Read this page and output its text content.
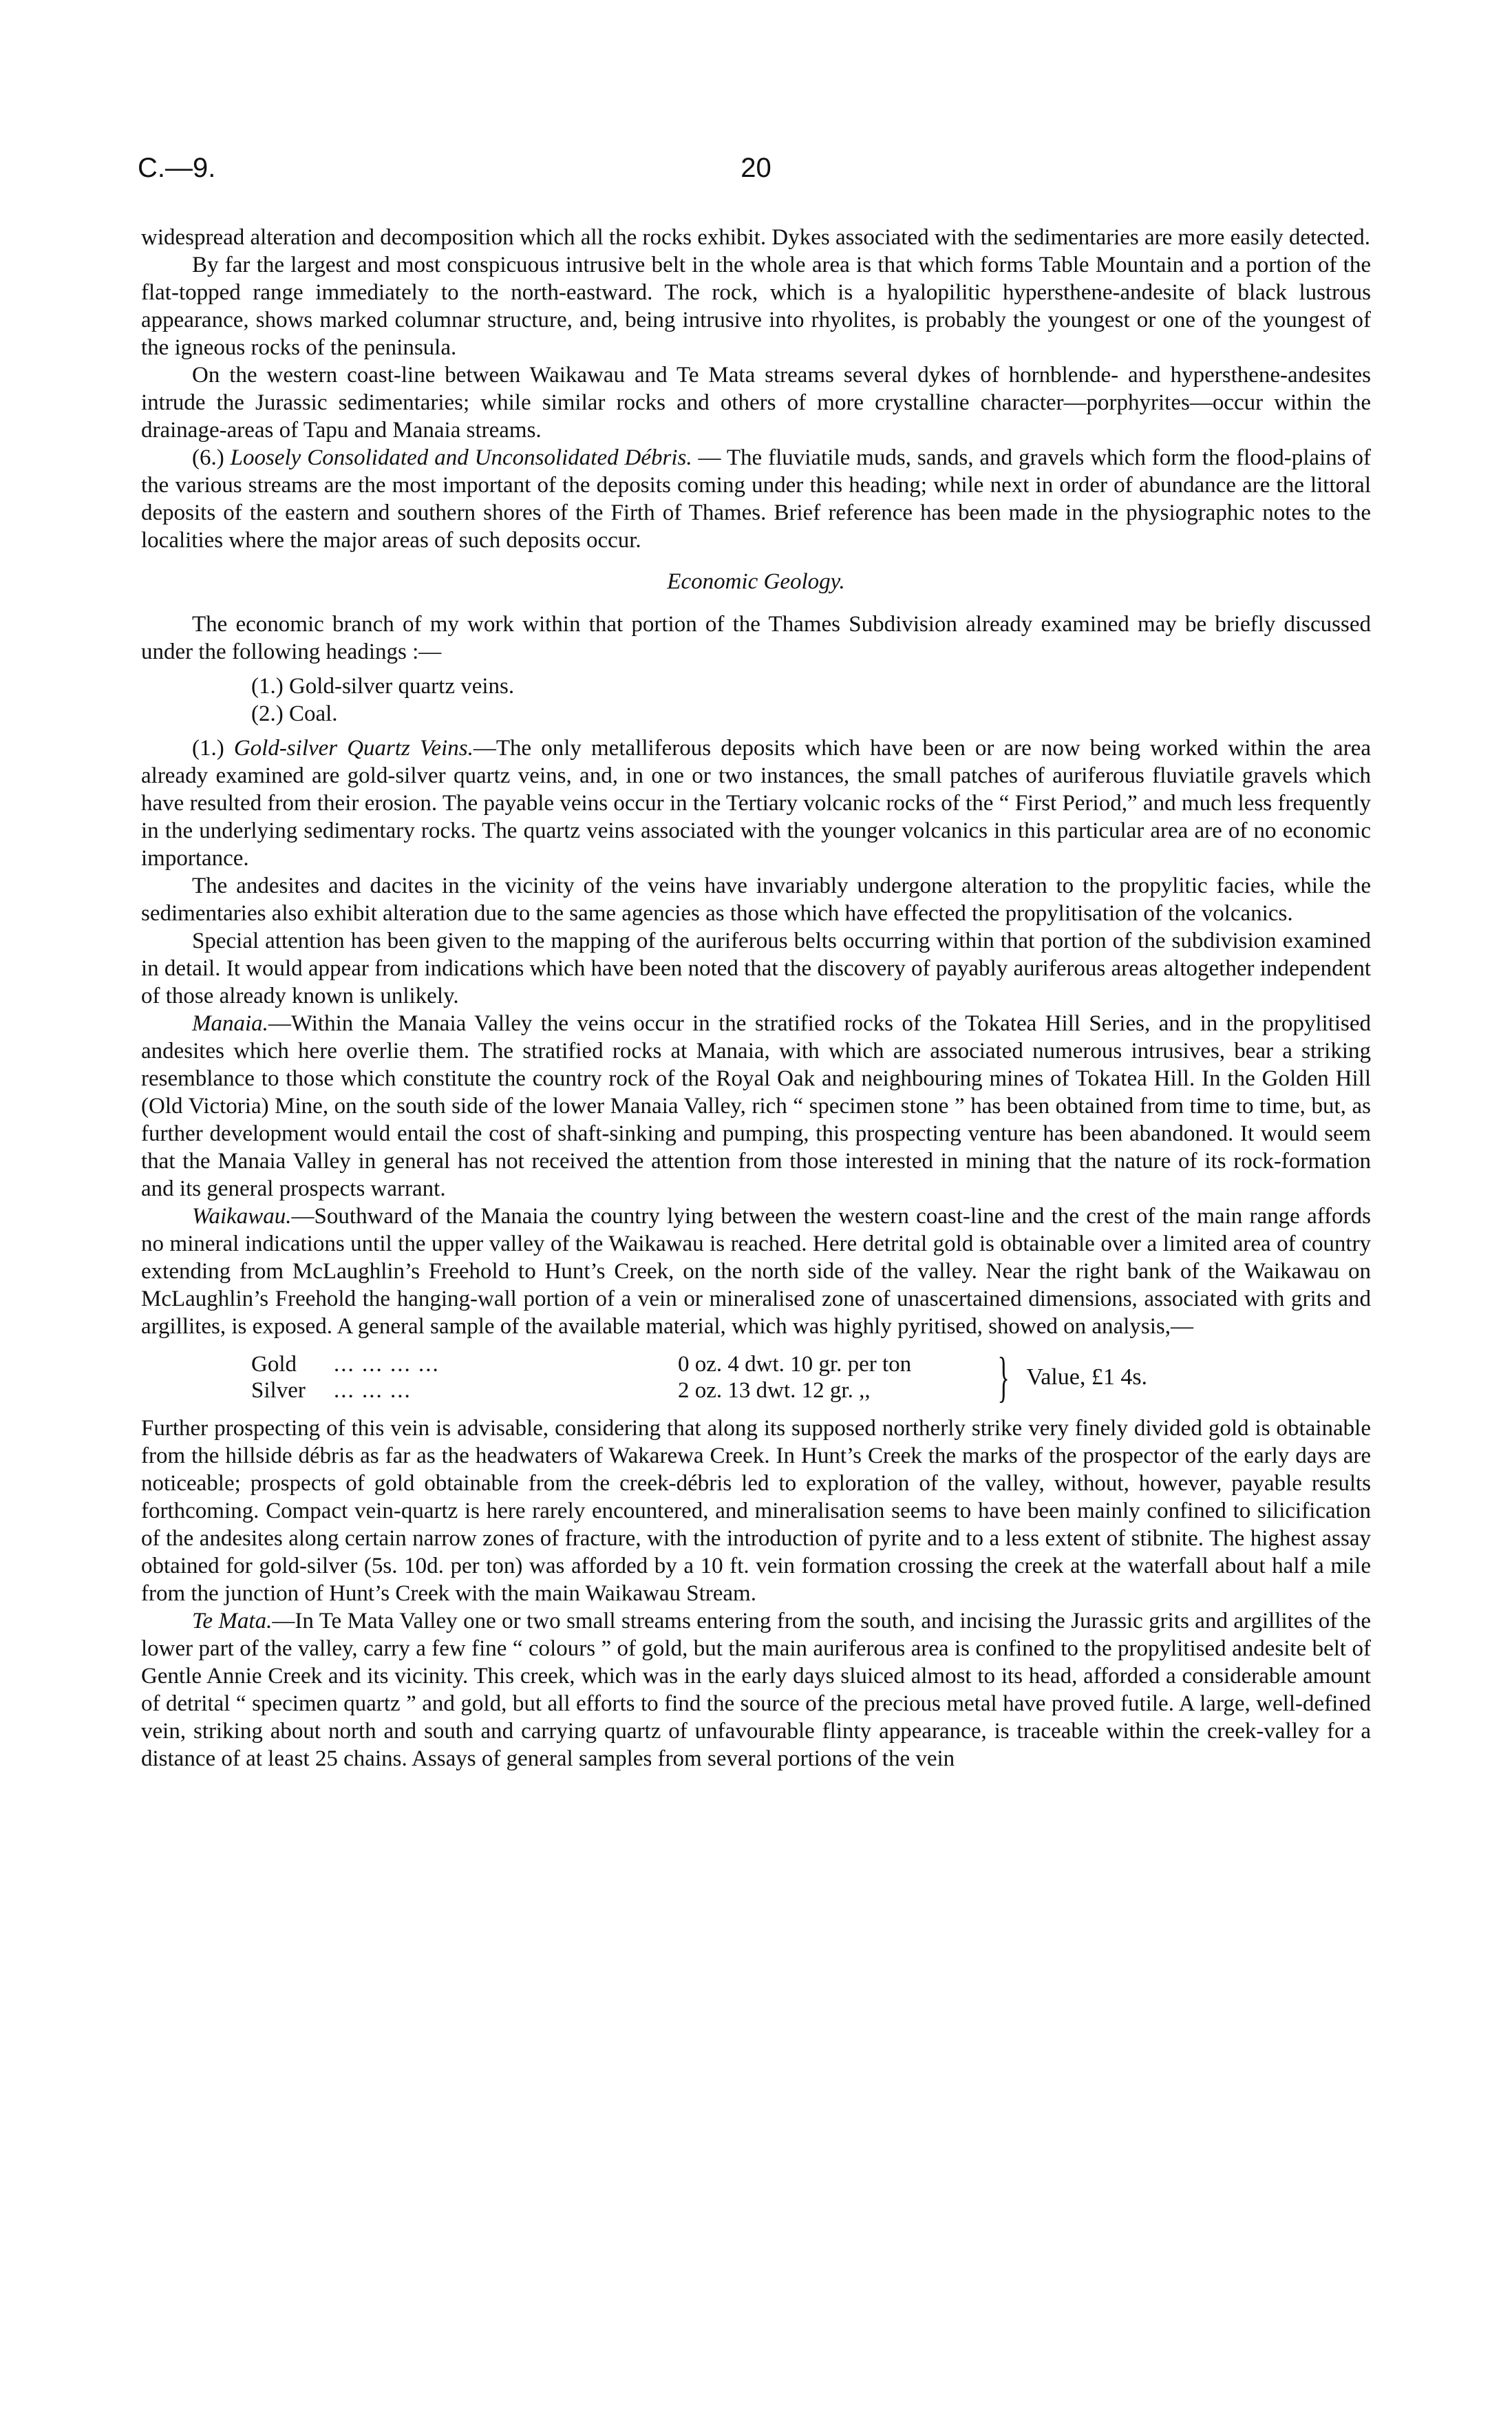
C.—9.	20

widespread alteration and decomposition which all the rocks exhibit. Dykes associated with the sedimentaries are more easily detected.

By far the largest and most conspicuous intrusive belt in the whole area is that which forms Table Mountain and a portion of the flat-topped range immediately to the north-eastward. The rock, which is a hyalopilitic hypersthene-andesite of black lustrous appearance, shows marked columnar structure, and, being intrusive into rhyolites, is probably the youngest or one of the youngest of the igneous rocks of the peninsula.

On the western coast-line between Waikawau and Te Mata streams several dykes of hornblende- and hypersthene-andesites intrude the Jurassic sedimentaries; while similar rocks and others of more crystalline character—porphyrites—occur within the drainage-areas of Tapu and Manaia streams.

(6.) Loosely Consolidated and Unconsolidated Débris. — The fluviatile muds, sands, and gravels which form the flood-plains of the various streams are the most important of the deposits coming under this heading; while next in order of abundance are the littoral deposits of the eastern and southern shores of the Firth of Thames. Brief reference has been made in the physiographic notes to the localities where the major areas of such deposits occur.

Economic Geology.

The economic branch of my work within that portion of the Thames Subdivision already examined may be briefly discussed under the following headings :—

(1.) Gold-silver quartz veins.
(2.) Coal.

(1.) Gold-silver Quartz Veins.—The only metalliferous deposits which have been or are now being worked within the area already examined are gold-silver quartz veins, and, in one or two instances, the small patches of auriferous fluviatile gravels which have resulted from their erosion. The payable veins occur in the Tertiary volcanic rocks of the “ First Period,” and much less frequently in the underlying sedimentary rocks. The quartz veins associated with the younger volcanics in this particular area are of no economic importance.

The andesites and dacites in the vicinity of the veins have invariably undergone alteration to the propylitic facies, while the sedimentaries also exhibit alteration due to the same agencies as those which have effected the propylitisation of the volcanics.

Special attention has been given to the mapping of the auriferous belts occurring within that portion of the subdivision examined in detail. It would appear from indications which have been noted that the discovery of payably auriferous areas altogether independent of those already known is unlikely.

Manaia.—Within the Manaia Valley the veins occur in the stratified rocks of the Tokatea Hill Series, and in the propylitised andesites which here overlie them. The stratified rocks at Manaia, with which are associated numerous intrusives, bear a striking resemblance to those which constitute the country rock of the Royal Oak and neighbouring mines of Tokatea Hill. In the Golden Hill (Old Victoria) Mine, on the south side of the lower Manaia Valley, rich “ specimen stone ” has been obtained from time to time, but, as further development would entail the cost of shaft-sinking and pumping, this prospecting venture has been abandoned. It would seem that the Manaia Valley in general has not received the attention from those interested in mining that the nature of its rock-formation and its general prospects warrant.

Waikawau.—Southward of the Manaia the country lying between the western coast-line and the crest of the main range affords no mineral indications until the upper valley of the Waikawau is reached. Here detrital gold is obtainable over a limited area of country extending from McLaughlin’s Freehold to Hunt’s Creek, on the north side of the valley. Near the right bank of the Waikawau on McLaughlin’s Freehold the hanging-wall portion of a vein or mineralised zone of unascertained dimensions, associated with grits and argillites, is exposed. A general sample of the available material, which was highly pyritised, showed on analysis,—

Gold	... ... ... ...	0 oz. 4 dwt. 10 gr. per ton
Silver	... ... ...	2 oz. 13 dwt. 12 gr. ,,	} Value, £1 4s.

Further prospecting of this vein is advisable, considering that along its supposed northerly strike very finely divided gold is obtainable from the hillside débris as far as the headwaters of Wakarewa Creek. In Hunt’s Creek the marks of the prospector of the early days are noticeable; prospects of gold obtainable from the creek-débris led to exploration of the valley, without, however, payable results forthcoming. Compact vein-quartz is here rarely encountered, and mineralisation seems to have been mainly confined to silicification of the andesites along certain narrow zones of fracture, with the introduction of pyrite and to a less extent of stibnite. The highest assay obtained for gold-silver (5s. 10d. per ton) was afforded by a 10 ft. vein formation crossing the creek at the waterfall about half a mile from the junction of Hunt’s Creek with the main Waikawau Stream.

Te Mata.—In Te Mata Valley one or two small streams entering from the south, and incising the Jurassic grits and argillites of the lower part of the valley, carry a few fine “ colours ” of gold, but the main auriferous area is confined to the propylitised andesite belt of Gentle Annie Creek and its vicinity. This creek, which was in the early days sluiced almost to its head, afforded a considerable amount of detrital “ specimen quartz ” and gold, but all efforts to find the source of the precious metal have proved futile. A large, well-defined vein, striking about north and south and carrying quartz of unfavourable flinty appearance, is traceable within the creek-valley for a distance of at least 25 chains. Assays of general samples from several portions of the vein
